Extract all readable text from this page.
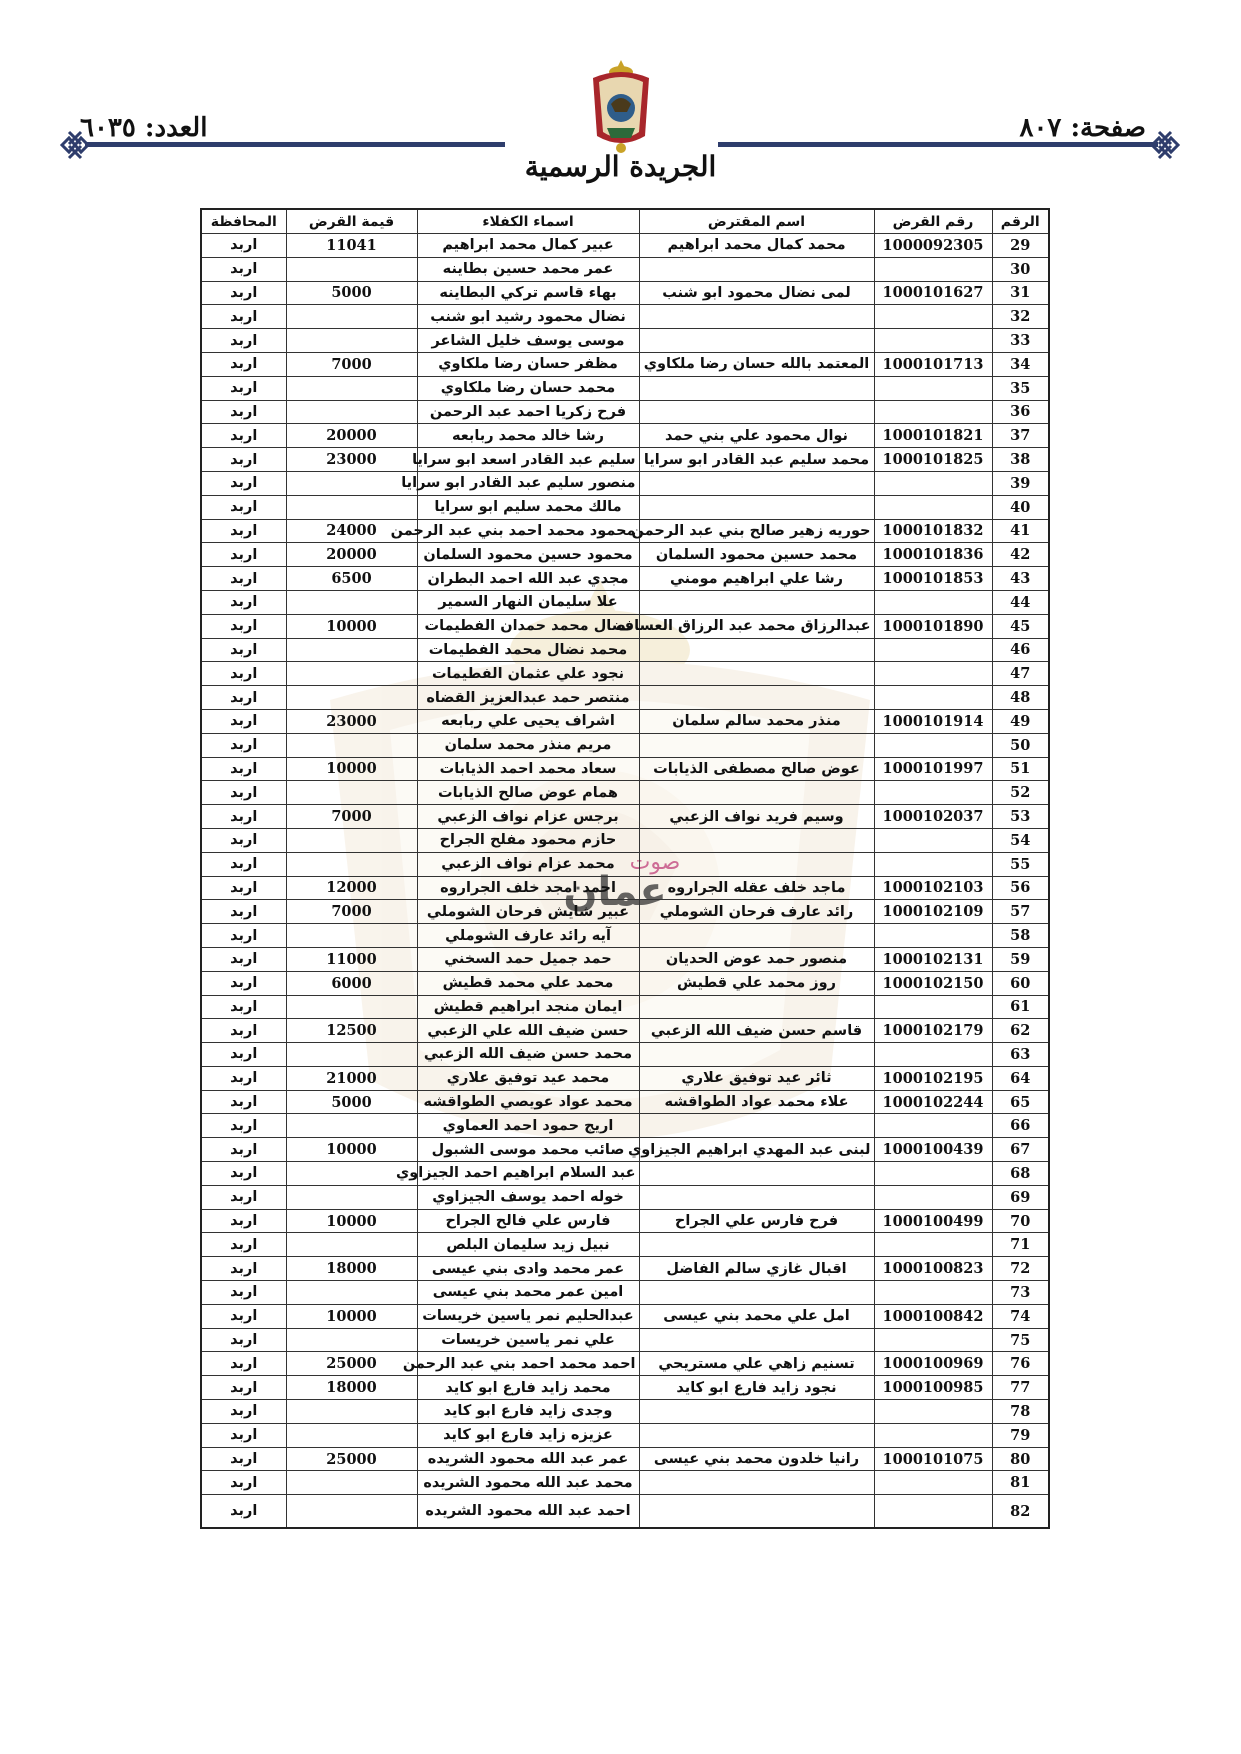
صفحة: ٨٠٧
العدد: ٦٠٣٥
الجريدة الرسمية
صوت
عمان
الرقم	رقم القرض	اسم المقترض	اسماء الكفلاء	قيمة القرض	المحافظة
29	1000092305	محمد كمال محمد ابراهيم	عبير كمال محمد ابراهيم	11041	اربد
30			عمر محمد حسين بطاينه		اربد
31	1000101627	لمى نضال محمود ابو شنب	بهاء قاسم تركي البطاينه	5000	اربد
32			نضال محمود رشيد ابو شنب		اربد
33			موسى يوسف خليل الشاعر		اربد
34	1000101713	المعتمد بالله حسان رضا ملكاوي	مظفر حسان رضا ملكاوي	7000	اربد
35			محمد حسان رضا ملكاوي		اربد
36			فرح زكريا احمد عبد الرحمن		اربد
37	1000101821	نوال محمود علي بني حمد	رشا خالد محمد ربابعه	20000	اربد
38	1000101825	محمد سليم عبد القادر ابو سرايا	سليم عبد القادر اسعد ابو سرايا	23000	اربد
39			منصور سليم عبد القادر ابو سرايا		اربد
40			مالك محمد سليم ابو سرايا		اربد
41	1000101832	حوريه زهير صالح بني عبد الرحمن	محمود محمد احمد بني عبد الرحمن	24000	اربد
42	1000101836	محمد حسين محمود السلمان	محمود حسين محمود السلمان	20000	اربد
43	1000101853	رشا علي ابراهيم مومني	مجدي عبد الله احمد البطران	6500	اربد
44			علا سليمان النهار السمير		اربد
45	1000101890	عبدالرزاق محمد عبد الرزاق العساف	نضال محمد حمدان الفطيمات	10000	اربد
46			محمد نضال محمد الفطيمات		اربد
47			نجود علي عثمان الفطيمات		اربد
48			منتصر حمد عبدالعزيز القضاه		اربد
49	1000101914	منذر محمد سالم سلمان	اشراف يحيى علي ربابعه	23000	اربد
50			مريم منذر محمد سلمان		اربد
51	1000101997	عوض صالح مصطفى الذيابات	سعاد محمد احمد الذيابات	10000	اربد
52			همام عوض صالح الذيابات		اربد
53	1000102037	وسيم فريد نواف الزعبي	برجس عزام نواف الزعبي	7000	اربد
54			حازم محمود مفلح الجراح		اربد
55			محمد عزام نواف الزعبي		اربد
56	1000102103	ماجد خلف عقله الجراروه	احمد امجد خلف الجراروه	12000	اربد
57	1000102109	رائد عارف فرحان الشوملي	عبير شايش فرحان الشوملي	7000	اربد
58			آيه رائد عارف الشوملي		اربد
59	1000102131	منصور حمد عوض الحديان	حمد جميل حمد السخني	11000	اربد
60	1000102150	روز محمد علي قطيش	محمد علي محمد قطيش	6000	اربد
61			ايمان منجد ابراهيم قطيش		اربد
62	1000102179	قاسم حسن ضيف الله الزعبي	حسن ضيف الله علي الزعبي	12500	اربد
63			محمد حسن ضيف الله الزعبي		اربد
64	1000102195	ثائر عيد توفيق علاري	محمد عيد توفيق علاري	21000	اربد
65	1000102244	علاء محمد عواد الطواقشه	محمد عواد عويصي الطواقشه	5000	اربد
66			اريج حمود احمد العماوي		اربد
67	1000100439	لبنى عبد المهدي ابراهيم الجيزاوي	صائب محمد موسى الشبول	10000	اربد
68			عبد السلام ابراهيم احمد الجيزاوي		اربد
69			خوله احمد يوسف الجيزاوي		اربد
70	1000100499	فرح فارس علي الجراح	فارس علي فالح الجراح	10000	اربد
71			نبيل زيد سليمان البلص		اربد
72	1000100823	اقبال غازي سالم الفاضل	عمر محمد وادى بني عيسى	18000	اربد
73			امين عمر محمد بني عيسى		اربد
74	1000100842	امل علي محمد بني عيسى	عبدالحليم نمر ياسين خريسات	10000	اربد
75			علي نمر ياسين خريسات		اربد
76	1000100969	تسنيم زاهي علي مستريحي	احمد محمد احمد بني عبد الرحمن	25000	اربد
77	1000100985	نجود زايد فارع ابو كايد	محمد زايد فارع ابو كايد	18000	اربد
78			وجدى زايد فارع ابو كايد		اربد
79			عزيزه زايد فارع ابو كايد		اربد
80	1000101075	رانيا خلدون محمد بني عيسى	عمر عبد الله محمود الشريده	25000	اربد
81			محمد عبد الله محمود الشريده		اربد
82			احمد عبد الله محمود الشريده		اربد
